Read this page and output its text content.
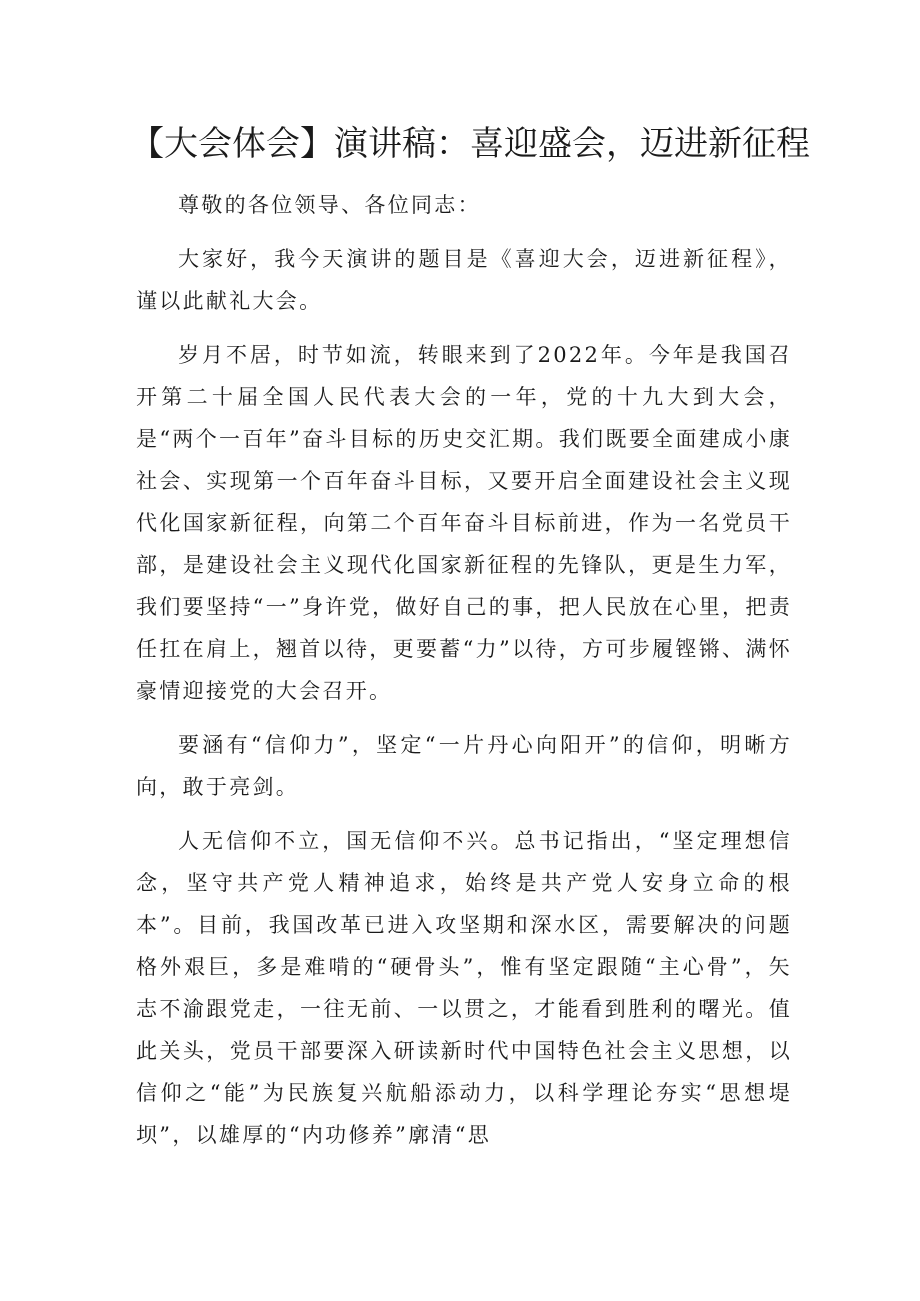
【大会体会】演讲稿：喜迎盛会，迈进新征程

尊敬的各位领导、各位同志：

大家好，我今天演讲的题目是《喜迎大会，迈进新征程》，谨以此献礼大会。

岁月不居，时节如流，转眼来到了2022年。今年是我国召开第二十届全国人民代表大会的一年，党的十九大到大会，是“两个一百年”奋斗目标的历史交汇期。我们既要全面建成小康社会、实现第一个百年奋斗目标，又要开启全面建设社会主义现代化国家新征程，向第二个百年奋斗目标前进，作为一名党员干部，是建设社会主义现代化国家新征程的先锋队，更是生力军，我们要坚持“一”身许党，做好自己的事，把人民放在心里，把责任扛在肩上，翘首以待，更要蓄“力”以待，方可步履铿锵、满怀豪情迎接党的大会召开。

要涵有“信仰力”，坚定“一片丹心向阳开”的信仰，明晰方向，敢于亮剑。

人无信仰不立，国无信仰不兴。总书记指出，“坚定理想信念，坚守共产党人精神追求，始终是共产党人安身立命的根本”。目前，我国改革已进入攻坚期和深水区，需要解决的问题格外艰巨，多是难啃的“硬骨头”，惟有坚定跟随“主心骨”，矢志不渝跟党走，一往无前、一以贯之，才能看到胜利的曙光。值此关头，党员干部要深入研读新时代中国特色社会主义思想，以信仰之“能”为民族复兴航船添动力，以科学理论夯实“思想堤坝”，以雄厚的“内功修养”廓清“思
